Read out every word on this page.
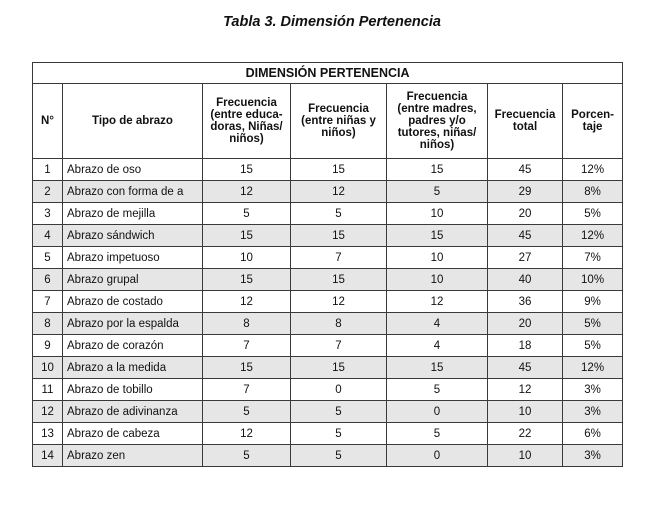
Tabla 3. Dimensión Pertenencia
DIMENSIÓN PERTENENCIA						
N°	Tipo de abrazo	Frecuencia (entre educa-doras, Niñas/ niños)	Frecuencia (entre niñas y niños)	Frecuencia (entre madres, padres y/o tutores, niñas/ niños)	Frecuencia total	Porcen-taje
1	Abrazo de oso	15	15	15	45	12%
2	Abrazo con forma de a	12	12	5	29	8%
3	Abrazo de mejilla	5	5	10	20	5%
4	Abrazo sándwich	15	15	15	45	12%
5	Abrazo impetuoso	10	7	10	27	7%
6	Abrazo grupal	15	15	10	40	10%
7	Abrazo de costado	12	12	12	36	9%
8	Abrazo por la espalda	8	8	4	20	5%
9	Abrazo de corazón	7	7	4	18	5%
10	Abrazo a la medida	15	15	15	45	12%
11	Abrazo de tobillo	7	0	5	12	3%
12	Abrazo de adivinanza	5	5	0	10	3%
13	Abrazo de cabeza	12	5	5	22	6%
14	Abrazo zen	5	5	0	10	3%
